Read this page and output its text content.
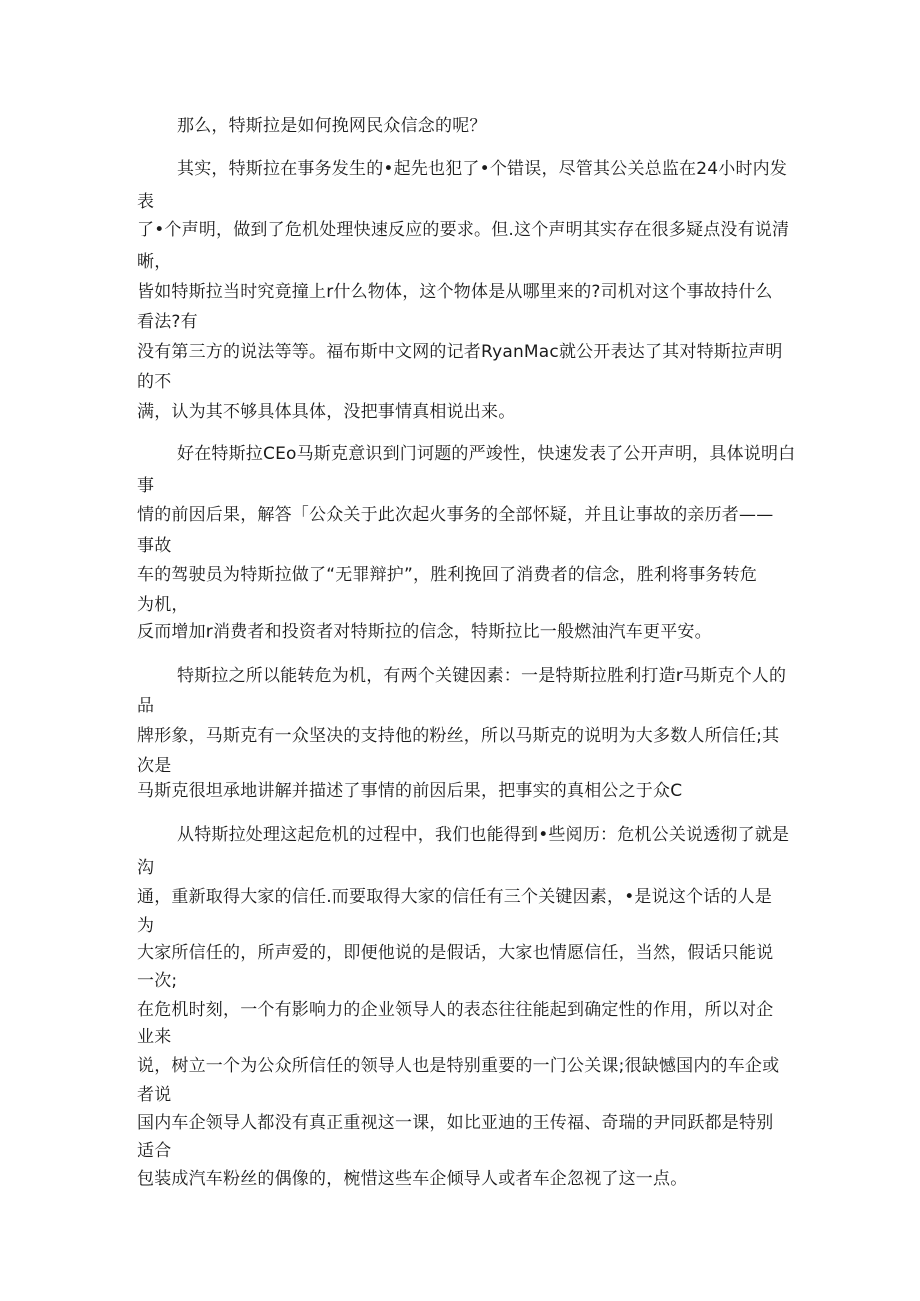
那么，特斯拉是如何挽网民众信念的呢？
其实，特斯拉在事务发生的•起先也犯了•个错误，尽管其公关总监在24小时内发
表
了•个声明，做到了危机处理快速反应的要求。但.这个声明其实存在很多疑点没有说清
晰，
皆如特斯拉当时究竟撞上r什么物体，这个物体是从哪里来的?司机对这个事故持什么
看法?有
没有第三方的说法等等。福布斯中文网的记者RyanMac就公开表达了其对特斯拉声明
的不
满，认为其不够具体具体，没把事情真相说出来。
好在特斯拉CEo马斯克意识到门诃题的严竣性，快速发表了公开声明，具体说明白
事
情的前因后果，解答「公众关于此次起火事务的全部怀疑，并且让事故的亲历者——
事故
车的驾驶员为特斯拉做了“无罪辩护”，胜利挽回了消费者的信念，胜利将事务转危
为机，
反而增加r消费者和投资者对特斯拉的信念，特斯拉比一般燃油汽车更平安。
特斯拉之所以能转危为机，有两个关键因素：一是特斯拉胜利打造r马斯克个人的
品
牌形象，马斯克有一众坚决的支持他的粉丝，所以马斯克的说明为大多数人所信任;其
次是
马斯克很坦承地讲解并描述了事情的前因后果，把事实的真相公之于众C
从特斯拉处理这起危机的过程中，我们也能得到•些阅历：危机公关说透彻了就是
沟
通，重新取得大家的信任.而要取得大家的信任有三个关键因素，•是说这个话的人是
为
大家所信任的，所声爱的，即便他说的是假话，大家也情愿信任，当然，假话只能说
一次;
在危机时刻，一个有影响力的企业领导人的表态往往能起到确定性的作用，所以对企
业来
说，树立一个为公众所信任的领导人也是特别重要的一门公关课;很缺憾国内的车企或
者说
国内车企领导人都没有真正重视这一课，如比亚迪的王传福、奇瑞的尹同跃都是特别
适合
包装成汽车粉丝的偶像的，椀惜这些车企倾导人或者车企忽视了这一点。
